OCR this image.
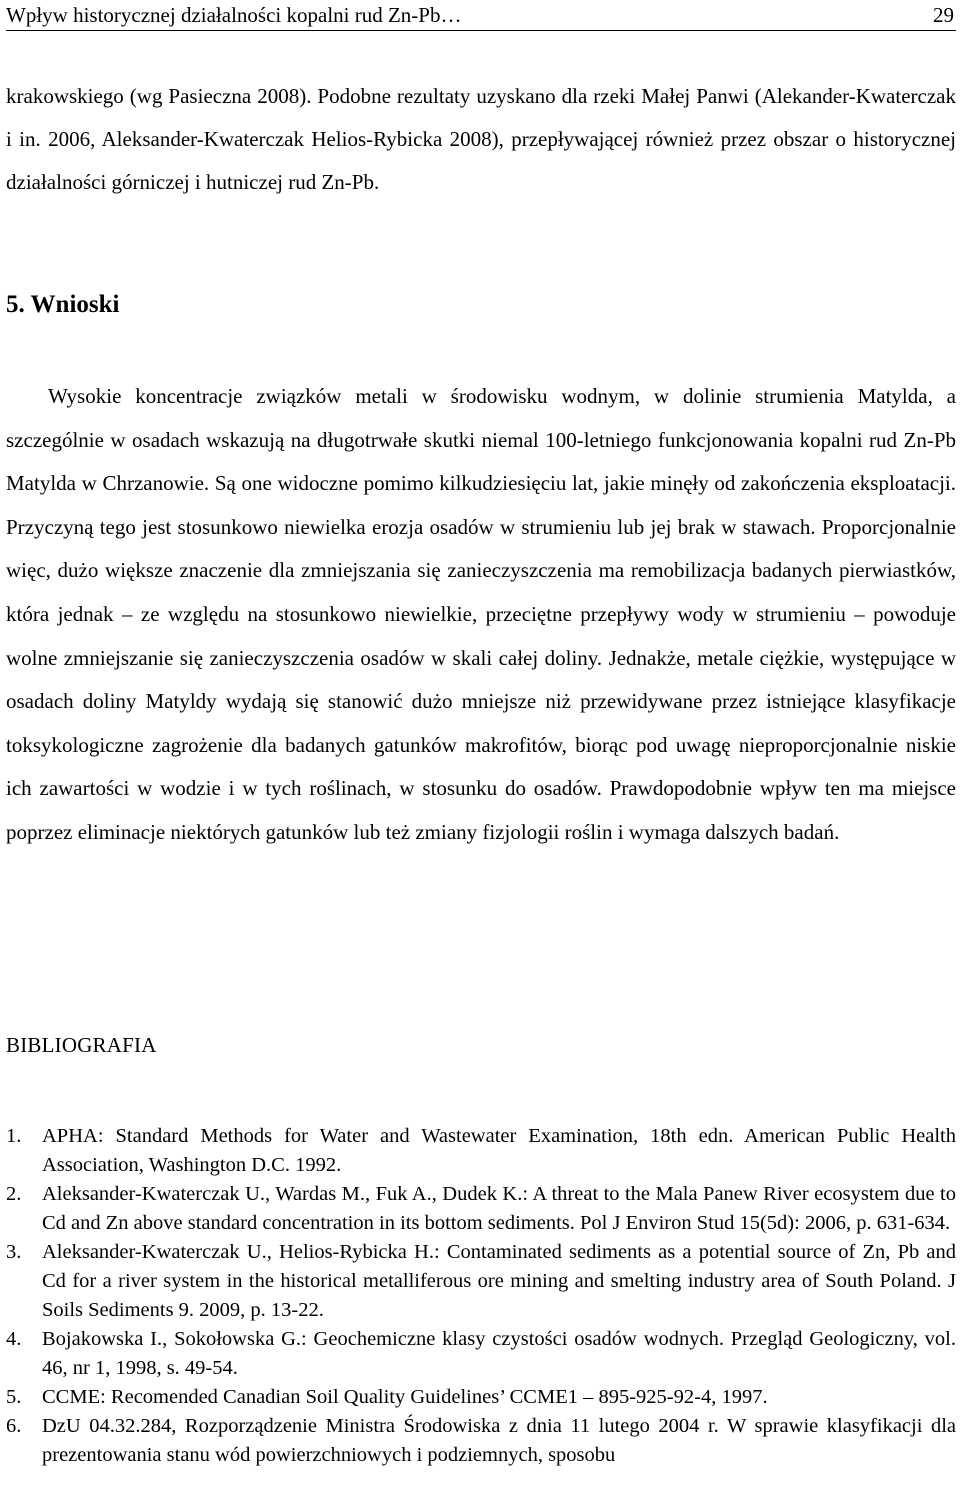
Wpływ historycznej działalności kopalni rud Zn-Pb…	29

krakowskiego (wg Pasieczna 2008). Podobne rezultaty uzyskano dla rzeki Małej Panwi (Alekander-Kwaterczak i in. 2006, Aleksander-Kwaterczak Helios-Rybicka 2008), przepływającej również przez obszar o historycznej działalności górniczej i hutniczej rud Zn-Pb.

5. Wnioski

Wysokie koncentracje związków metali w środowisku wodnym, w dolinie strumienia Matylda, a szczególnie w osadach wskazują na długotrwałe skutki niemal 100-letniego funkcjonowania kopalni rud Zn-Pb Matylda w Chrzanowie. Są one widoczne pomimo kilkudziesięciu lat, jakie minęły od zakończenia eksploatacji. Przyczyną tego jest stosunkowo niewielka erozja osadów w strumieniu lub jej brak w stawach. Proporcjonalnie więc, dużo większe znaczenie dla zmniejszania się zanieczyszczenia ma remobilizacja badanych pierwiastków, która jednak – ze względu na stosunkowo niewielkie, przeciętne przepływy wody w strumieniu – powoduje wolne zmniejszanie się zanieczyszczenia osadów w skali całej doliny. Jednakże, metale ciężkie, występujące w osadach doliny Matyldy wydają się stanowić dużo mniejsze niż przewidywane przez istniejące klasyfikacje toksykologiczne zagrożenie dla badanych gatunków makrofitów, biorąc pod uwagę nieproporcjonalnie niskie ich zawartości w wodzie i w tych roślinach, w stosunku do osadów. Prawdopodobnie wpływ ten ma miejsce poprzez eliminacje niektórych gatunków lub też zmiany fizjologii roślin i wymaga dalszych badań.

BIBLIOGRAFIA
1.	APHA: Standard Methods for Water and Wastewater Examination, 18th edn. American Public Health Association, Washington D.C. 1992.
2.	Aleksander-Kwaterczak U., Wardas M., Fuk A., Dudek K.: A threat to the Mala Panew River ecosystem due to Cd and Zn above standard concentration in its bottom sediments. Pol J Environ Stud 15(5d): 2006, p. 631-634.
3.	Aleksander-Kwaterczak U., Helios-Rybicka H.: Contaminated sediments as a potential source of Zn, Pb and Cd for a river system in the historical metalliferous ore mining and smelting industry area of South Poland. J Soils Sediments 9. 2009, p. 13-22.
4.	Bojakowska I., Sokołowska G.: Geochemiczne klasy czystości osadów wodnych. Przegląd Geologiczny, vol. 46, nr 1, 1998, s. 49-54.
5.	CCME: Recomended Canadian Soil Quality Guidelines’ CCME1 – 895-925-92-4, 1997.
6.	DzU 04.32.284, Rozporządzenie Ministra Środowiska z dnia 11 lutego 2004 r. W sprawie klasyfikacji dla prezentowania stanu wód powierzchniowych i podziemnych, sposobu
